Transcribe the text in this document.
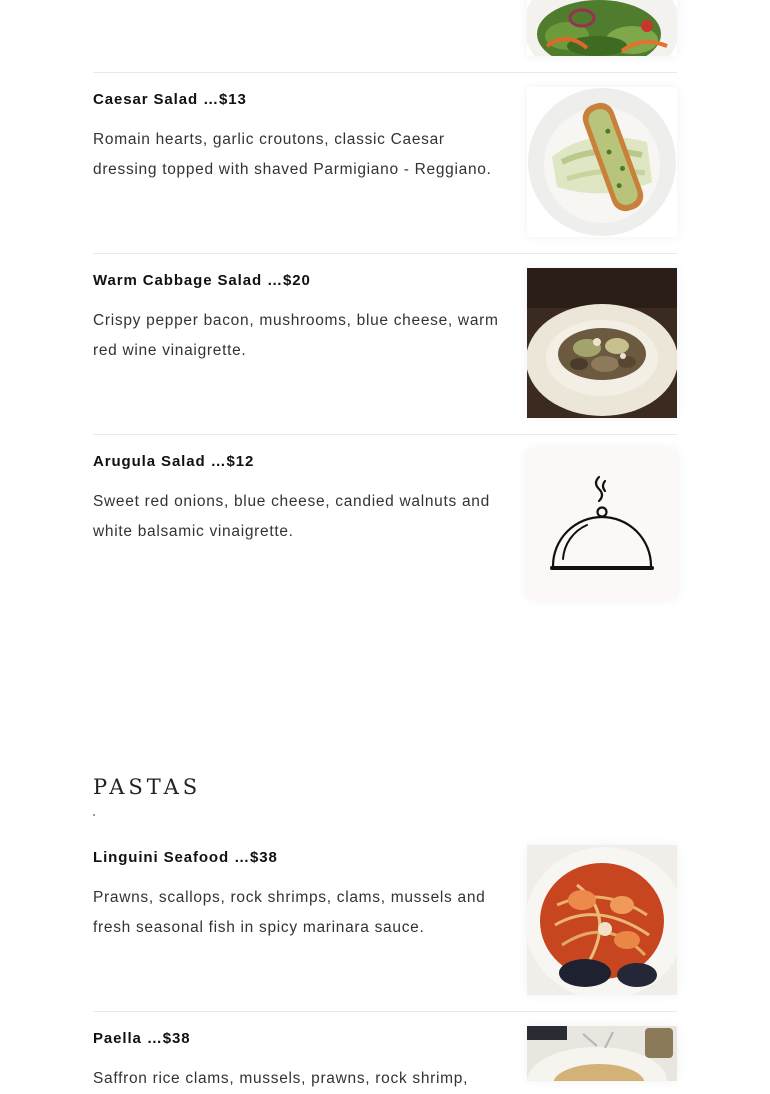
Caesar Salad …$13

Romain hearts, garlic croutons, classic Caesar dressing topped with shaved Parmigiano - Reggiano.

Warm Cabbage Salad …$20

Crispy pepper bacon, mushrooms, blue cheese, warm red wine vinaigrette.

Arugula Salad …$12

Sweet red onions, blue cheese, candied walnuts and white balsamic vinaigrette.

PASTAS
Linguini Seafood …$38

Prawns, scallops, rock shrimps, clams, mussels and fresh seasonal fish in spicy marinara sauce.

Paella …$38

Saffron rice clams, mussels, prawns, rock shrimp,
